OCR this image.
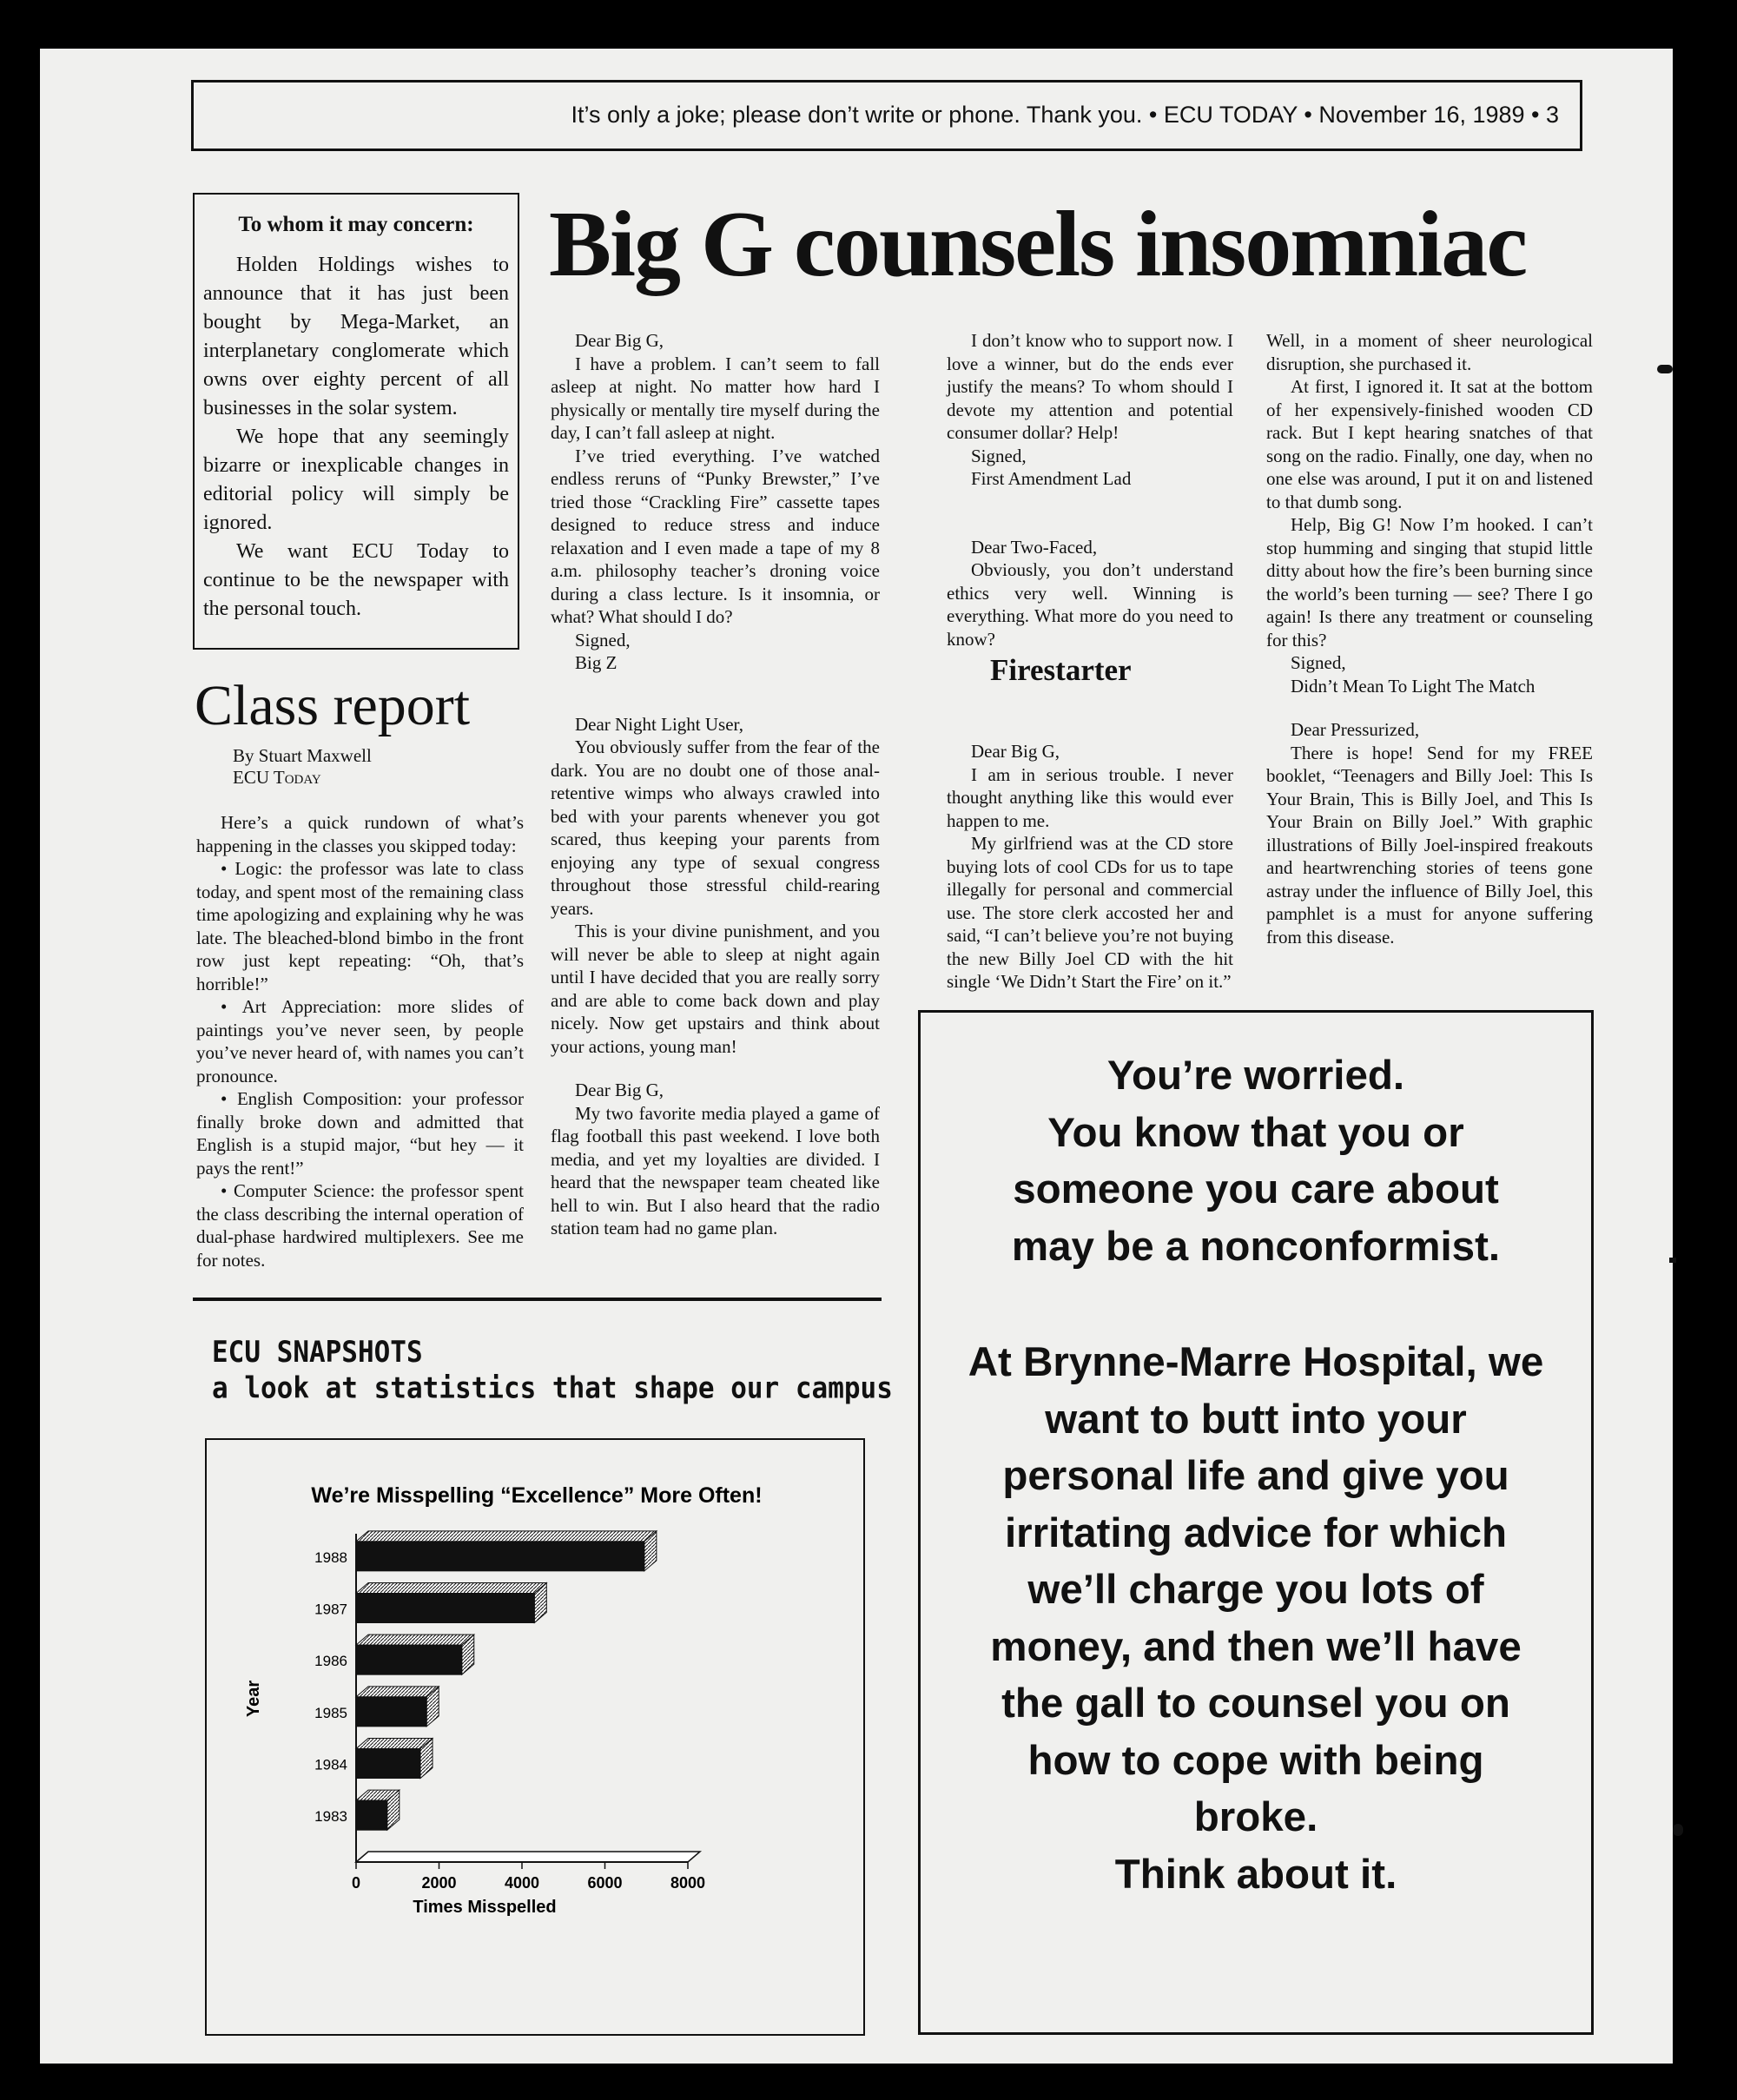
It’s only a joke; please don’t write or phone. Thank you. • ECU TODAY • November 16, 1989 • 3
To whom it may concern:

Holden Holdings wishes to announce that it has just been bought by Mega-Market, an interplanetary conglomerate which owns over eighty percent of all businesses in the solar system.

We hope that any seemingly bizarre or inexplicable changes in editorial policy will simply be ignored.

We want ECU Today to continue to be the newspaper with the personal touch.

Big G counsels insomniac
Class report
By Stuart Maxwell
ECU Today

Here’s a quick rundown of what’s happening in the classes you skipped today:

• Logic: the professor was late to class today, and spent most of the remaining class time apologizing and explaining why he was late. The bleached-blond bimbo in the front row just kept repeating: “Oh, that’s horrible!”

• Art Appreciation: more slides of paintings you’ve never seen, by people you’ve never heard of, with names you can’t pronounce.

• English Composition: your professor finally broke down and admitted that English is a stupid major, “but hey — it pays the rent!”

• Computer Science: the professor spent the class describing the internal operation of dual-phase hardwired multiplexers. See me for notes.

Dear Big G,

I have a problem. I can’t seem to fall asleep at night. No matter how hard I physically or mentally tire myself during the day, I can’t fall asleep at night.

I’ve tried everything. I’ve watched endless reruns of “Punky Brewster,” I’ve tried those “Crackling Fire” cassette tapes designed to reduce stress and induce relaxation and I even made a tape of my 8 a.m. philosophy teacher’s droning voice during a class lecture. Is it insomnia, or what? What should I do?

Signed,

Big Z

Dear Night Light User,

You obviously suffer from the fear of the dark. You are no doubt one of those anal-retentive wimps who always crawled into bed with your parents whenever you got scared, thus keeping your parents from enjoying any type of sexual congress throughout those stressful child-rearing years.

This is your divine punishment, and you will never be able to sleep at night again until I have decided that you are really sorry and are able to come back down and play nicely. Now get upstairs and think about your actions, young man!

Dear Big G,

My two favorite media played a game of flag football this past weekend. I love both media, and yet my loyalties are divided. I heard that the newspaper team cheated like hell to win. But I also heard that the radio station team had no game plan.

I don’t know who to support now. I love a winner, but do the ends ever justify the means? To whom should I devote my attention and potential consumer dollar? Help!

Signed,

First Amendment Lad

Dear Two-Faced,

Obviously, you don’t understand ethics very well. Winning is everything. What more do you need to know?

Firestarter

Dear Big G,

I am in serious trouble. I never thought anything like this would ever happen to me.

My girlfriend was at the CD store buying lots of cool CDs for us to tape illegally for personal and commercial use. The store clerk accosted her and said, “I can’t believe you’re not buying the new Billy Joel CD with the hit single ‘We Didn’t Start the Fire’ on it.”

Well, in a moment of sheer neurological disruption, she purchased it.

At first, I ignored it. It sat at the bottom of her expensively-finished wooden CD rack. But I kept hearing snatches of that song on the radio. Finally, one day, when no one else was around, I put it on and listened to that dumb song.

Help, Big G! Now I’m hooked. I can’t stop humming and singing that stupid little ditty about how the fire’s been burning since the world’s been turning — see? There I go again! Is there any treatment or counseling for this?

Signed,

Didn’t Mean To Light The Match

Dear Pressurized,

There is hope! Send for my FREE booklet, “Teenagers and Billy Joel: This Is Your Brain, This is Billy Joel, and This Is Your Brain on Billy Joel.” With graphic illustrations of Billy Joel-inspired freakouts and heartwrenching stories of teens gone astray under the influence of Billy Joel, this pamphlet is a must for anyone suffering from this disease.

ECU SNAPSHOTS
a look at statistics that shape our campus
We’re Misspelling “Excellence” More Often!
Year
Times Misspelled
1983
1984
1985
1986
1987
1988
0	2000	4000	6000	8000
You’re worried.
You know that you or
someone you care about
may be a nonconformist.
At Brynne-Marre Hospital, we
want to butt into your
personal life and give you
irritating advice for which
we’ll charge you lots of
money, and then we’ll have
the gall to counsel you on
how to cope with being
broke.
Think about it.
